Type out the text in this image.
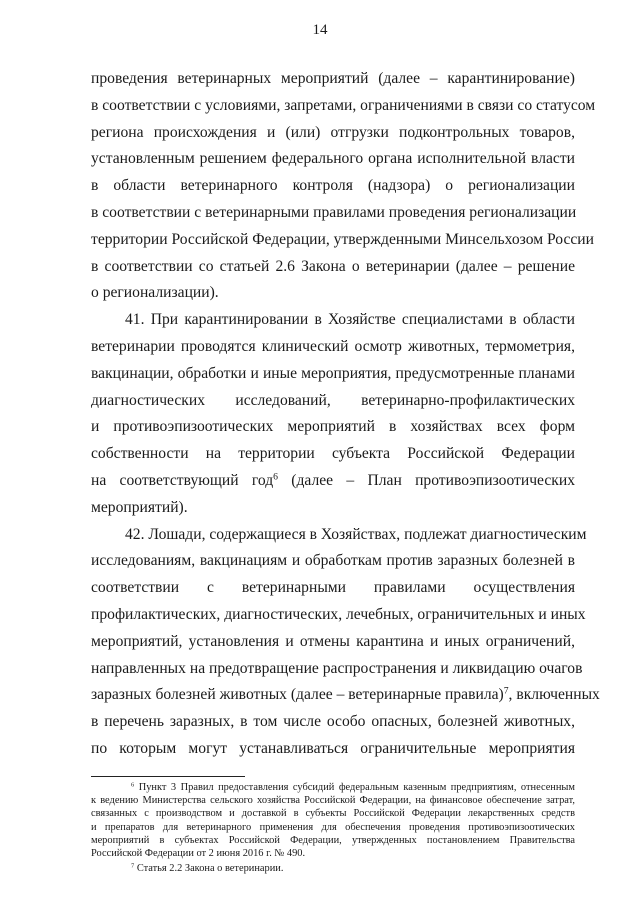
14
проведения ветеринарных мероприятий (далее – карантинирование)
в соответствии с условиями, запретами, ограничениями в связи со статусом
региона происхождения и (или) отгрузки подконтрольных товаров,
установленным решением федерального органа исполнительной власти
в области ветеринарного контроля (надзора) о регионализации
в соответствии с ветеринарными правилами проведения регионализации
территории Российской Федерации, утвержденными Минсельхозом России
в соответствии со статьей 2.6 Закона о ветеринарии (далее – решение
о регионализации).
41. При карантинировании в Хозяйстве специалистами в области
ветеринарии проводятся клинический осмотр животных, термометрия,
вакцинации, обработки и иные мероприятия, предусмотренные планами
диагностических исследований, ветеринарно-профилактических
и противоэпизоотических мероприятий в хозяйствах всех форм
собственности на территории субъекта Российской Федерации
на соответствующий год$^6$ (далее – План противоэпизоотических
мероприятий).
42. Лошади, содержащиеся в Хозяйствах, подлежат диагностическим
исследованиям, вакцинациям и обработкам против заразных болезней в
соответствии с ветеринарными правилами осуществления
профилактических, диагностических, лечебных, ограничительных и иных
мероприятий, установления и отмены карантина и иных ограничений,
направленных на предотвращение распространения и ликвидацию очагов
заразных болезней животных (далее – ветеринарные правила)$^7$, включенных
в перечень заразных, в том числе особо опасных, болезней животных,
по которым могут устанавливаться ограничительные мероприятия
$^6$ Пункт 3 Правил предоставления субсидий федеральным казенным предприятиям, отнесенным
к ведению Министерства сельского хозяйства Российской Федерации, на финансовое обеспечение затрат,
связанных с производством и доставкой в субъекты Российской Федерации лекарственных средств
и препаратов для ветеринарного применения для обеспечения проведения противоэпизоотических
мероприятий в субъектах Российской Федерации, утвержденных постановлением Правительства
Российской Федерации от 2 июня 2016 г. № 490.
$^7$ Статья 2.2 Закона о ветеринарии.
